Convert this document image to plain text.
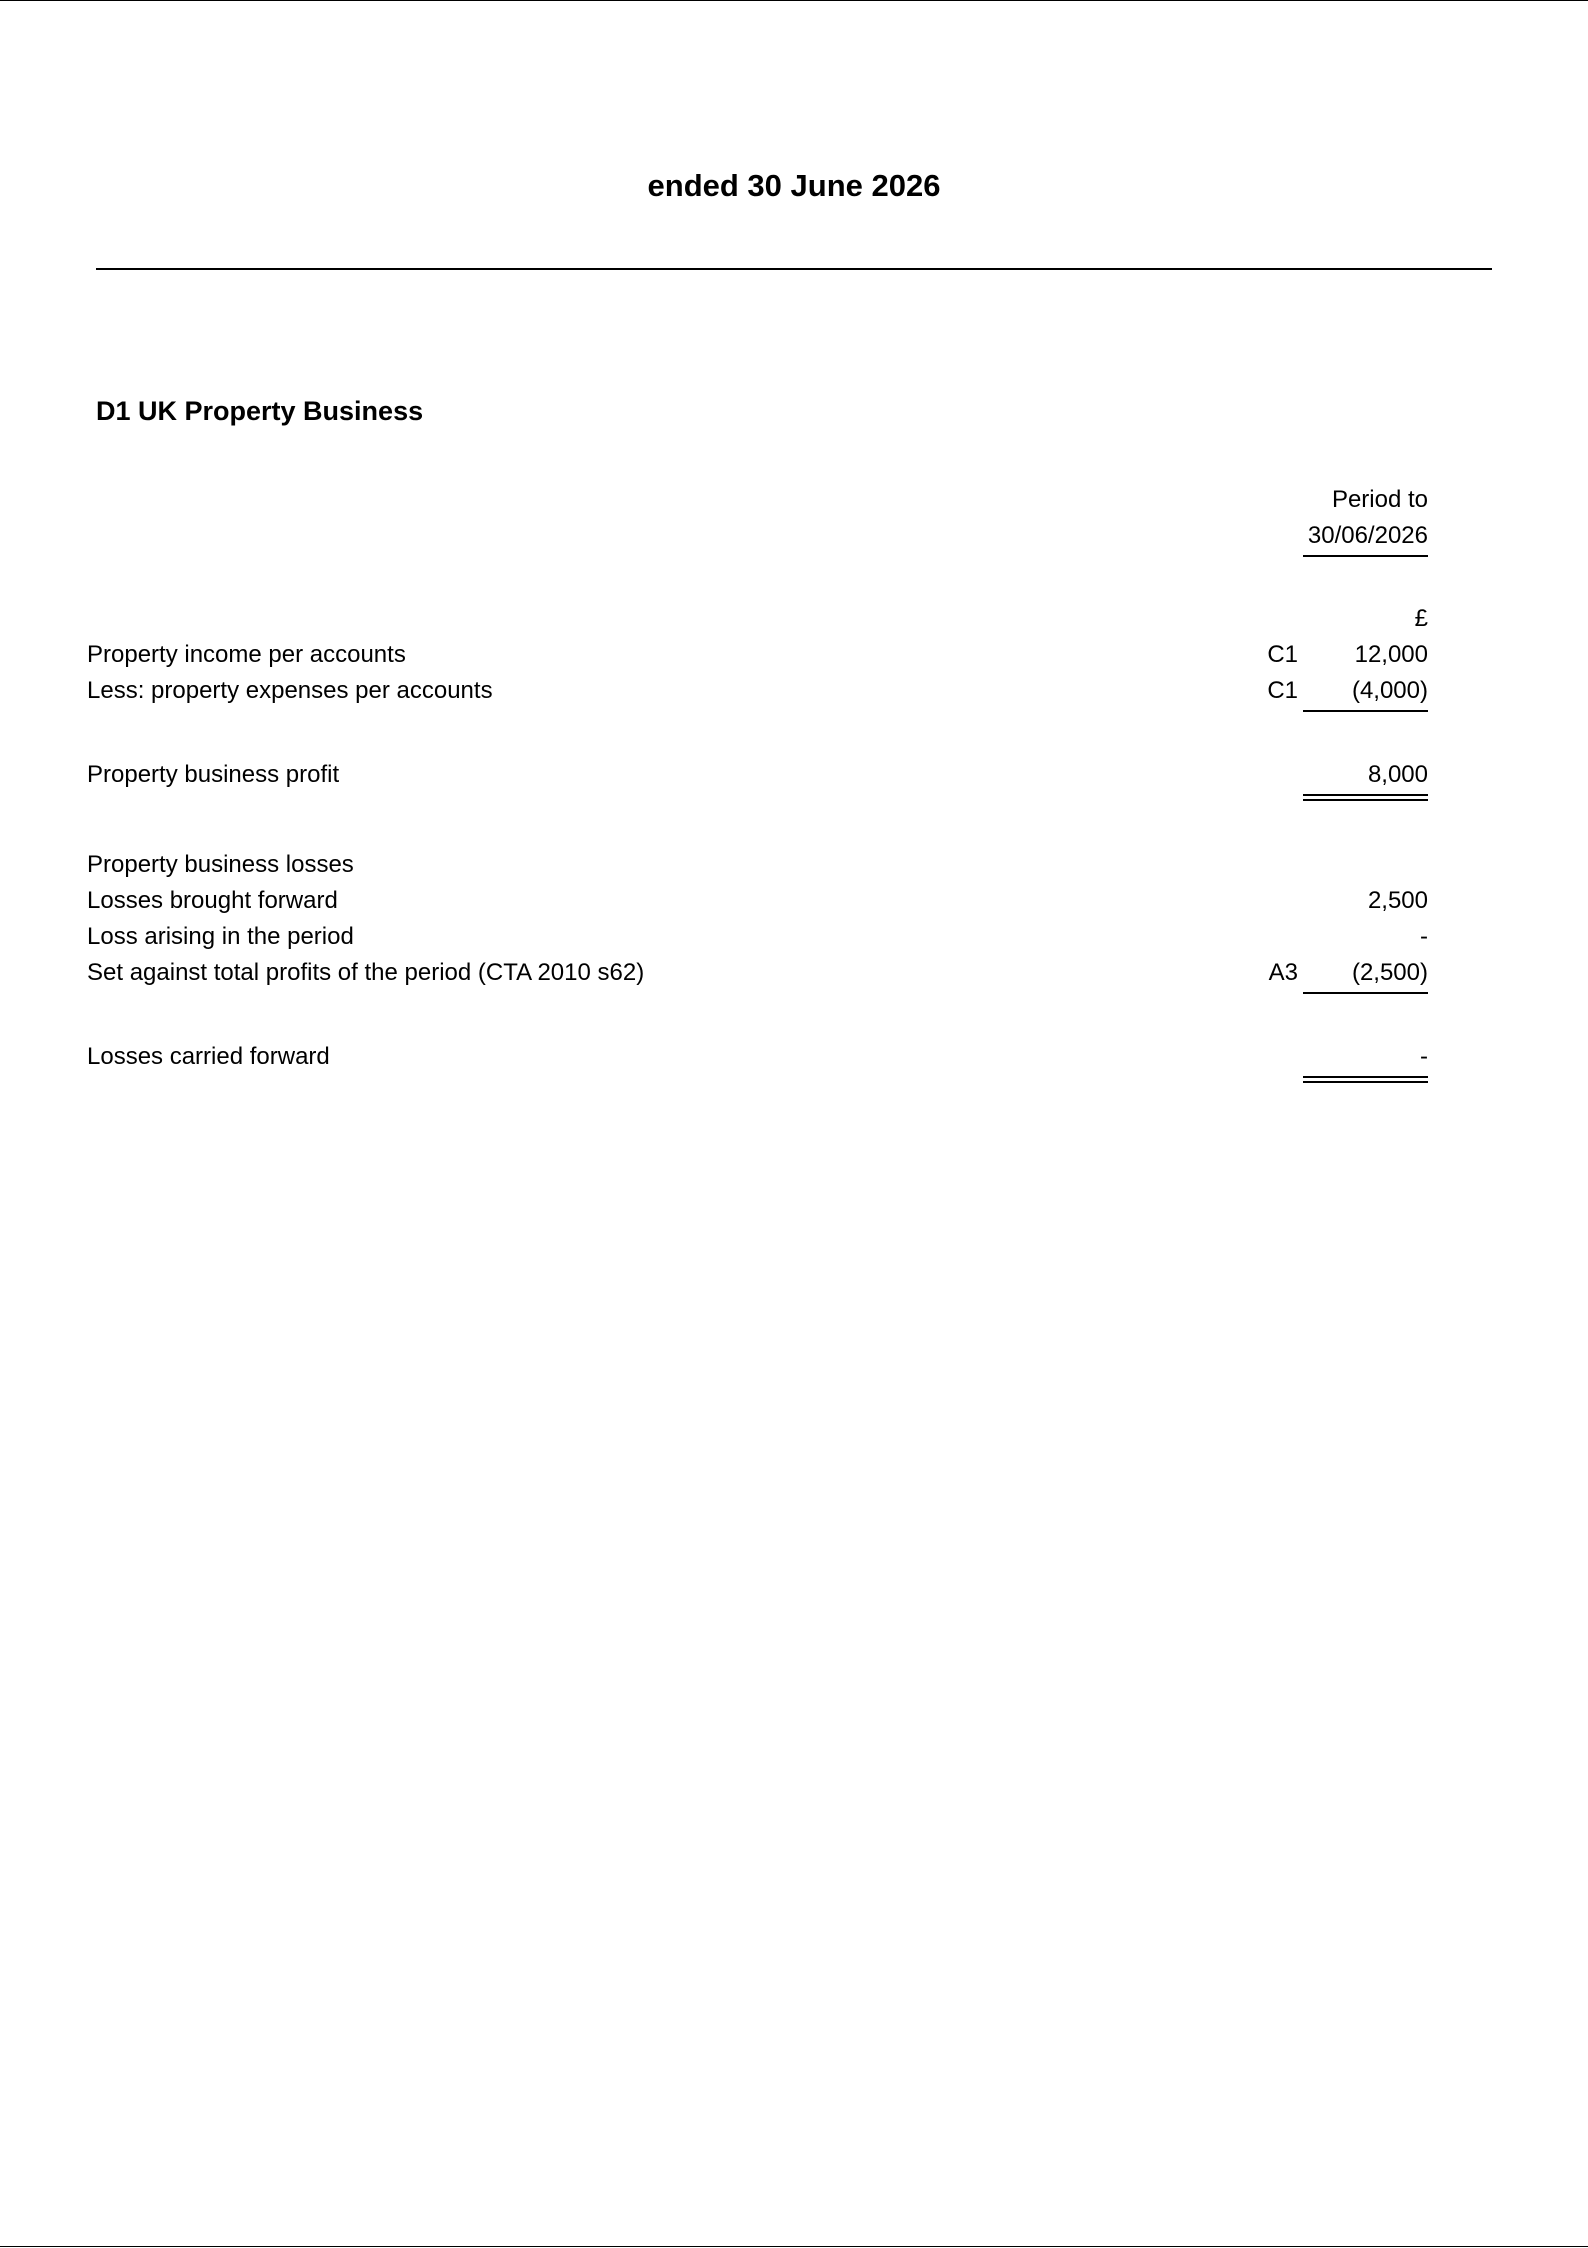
ended 30 June 2026
D1 UK Property Business
Period to
30/06/2026
£
Property income per accounts	C1	12,000
Less: property expenses per accounts	C1	(4,000)
Property business profit	8,000
Property business losses
Losses brought forward	2,500
Loss arising in the period	-
Set against total profits of the period (CTA 2010 s62)	A3	(2,500)
Losses carried forward	-
